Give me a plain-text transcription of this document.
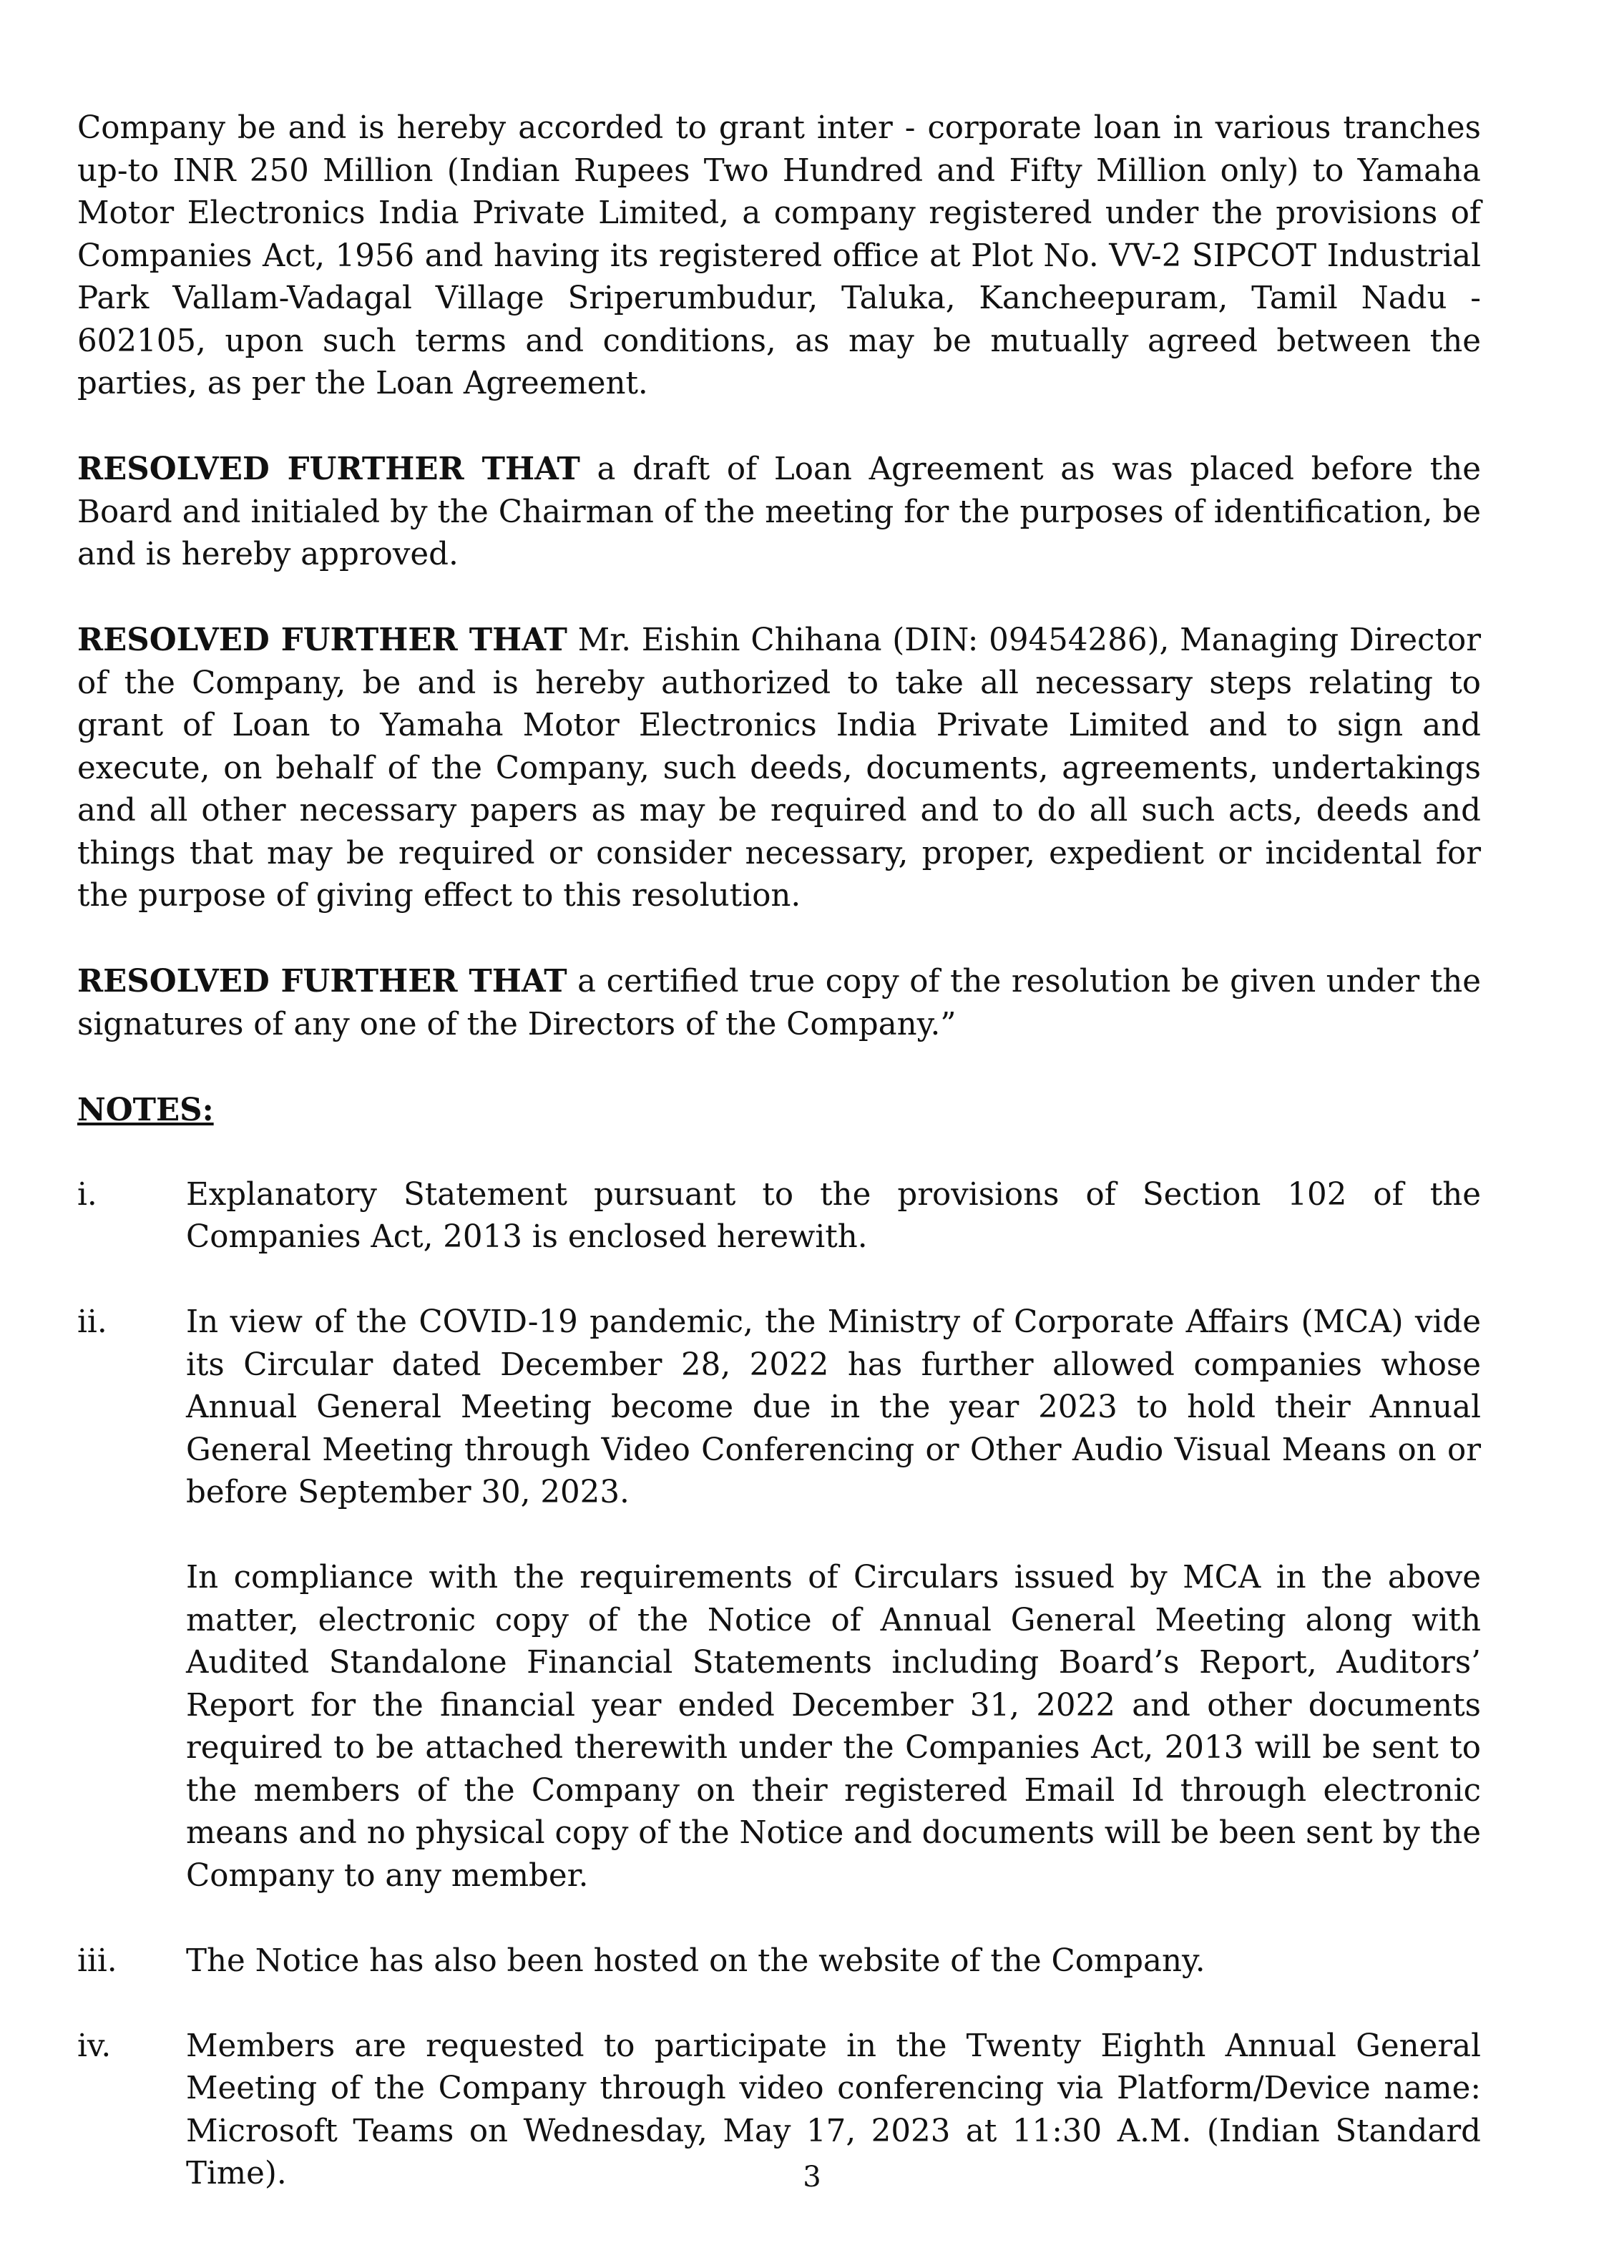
Company be and is hereby accorded to grant inter - corporate loan in various tranches up-to INR 250 Million (Indian Rupees Two Hundred and Fifty Million only) to Yamaha Motor Electronics India Private Limited, a company registered under the provisions of Companies Act, 1956 and having its registered office at Plot No. VV-2 SIPCOT Industrial Park Vallam-Vadagal Village Sriperumbudur, Taluka, Kancheepuram, Tamil Nadu - 602105, upon such terms and conditions, as may be mutually agreed between the parties, as per the Loan Agreement.

RESOLVED FURTHER THAT a draft of Loan Agreement as was placed before the Board and initialed by the Chairman of the meeting for the purposes of identification, be and is hereby approved.

RESOLVED FURTHER THAT Mr. Eishin Chihana (DIN: 09454286), Managing Director of the Company, be and is hereby authorized to take all necessary steps relating to grant of Loan to Yamaha Motor Electronics India Private Limited and to sign and execute, on behalf of the Company, such deeds, documents, agreements, undertakings and all other necessary papers as may be required and to do all such acts, deeds and things that may be required or consider necessary, proper, expedient or incidental for the purpose of giving effect to this resolution.

RESOLVED FURTHER THAT a certified true copy of the resolution be given under the signatures of any one of the Directors of the Company.”

NOTES:

i.	Explanatory Statement pursuant to the provisions of Section 102 of the Companies Act, 2013 is enclosed herewith.

ii.	In view of the COVID-19 pandemic, the Ministry of Corporate Affairs (MCA) vide its Circular dated December 28, 2022 has further allowed companies whose Annual General Meeting become due in the year 2023 to hold their Annual General Meeting through Video Conferencing or Other Audio Visual Means on or before September 30, 2023.

In compliance with the requirements of Circulars issued by MCA in the above matter, electronic copy of the Notice of Annual General Meeting along with Audited Standalone Financial Statements including Board’s Report, Auditors’ Report for the financial year ended December 31, 2022 and other documents required to be attached therewith under the Companies Act, 2013 will be sent to the members of the Company on their registered Email Id through electronic means and no physical copy of the Notice and documents will be been sent by the Company to any member.

iii. The Notice has also been hosted on the website of the Company.

iv. Members are requested to participate in the Twenty Eighth Annual General Meeting of the Company through video conferencing via Platform/Device name: Microsoft Teams on Wednesday, May 17, 2023 at 11:30 A.M. (Indian Standard Time).	3
